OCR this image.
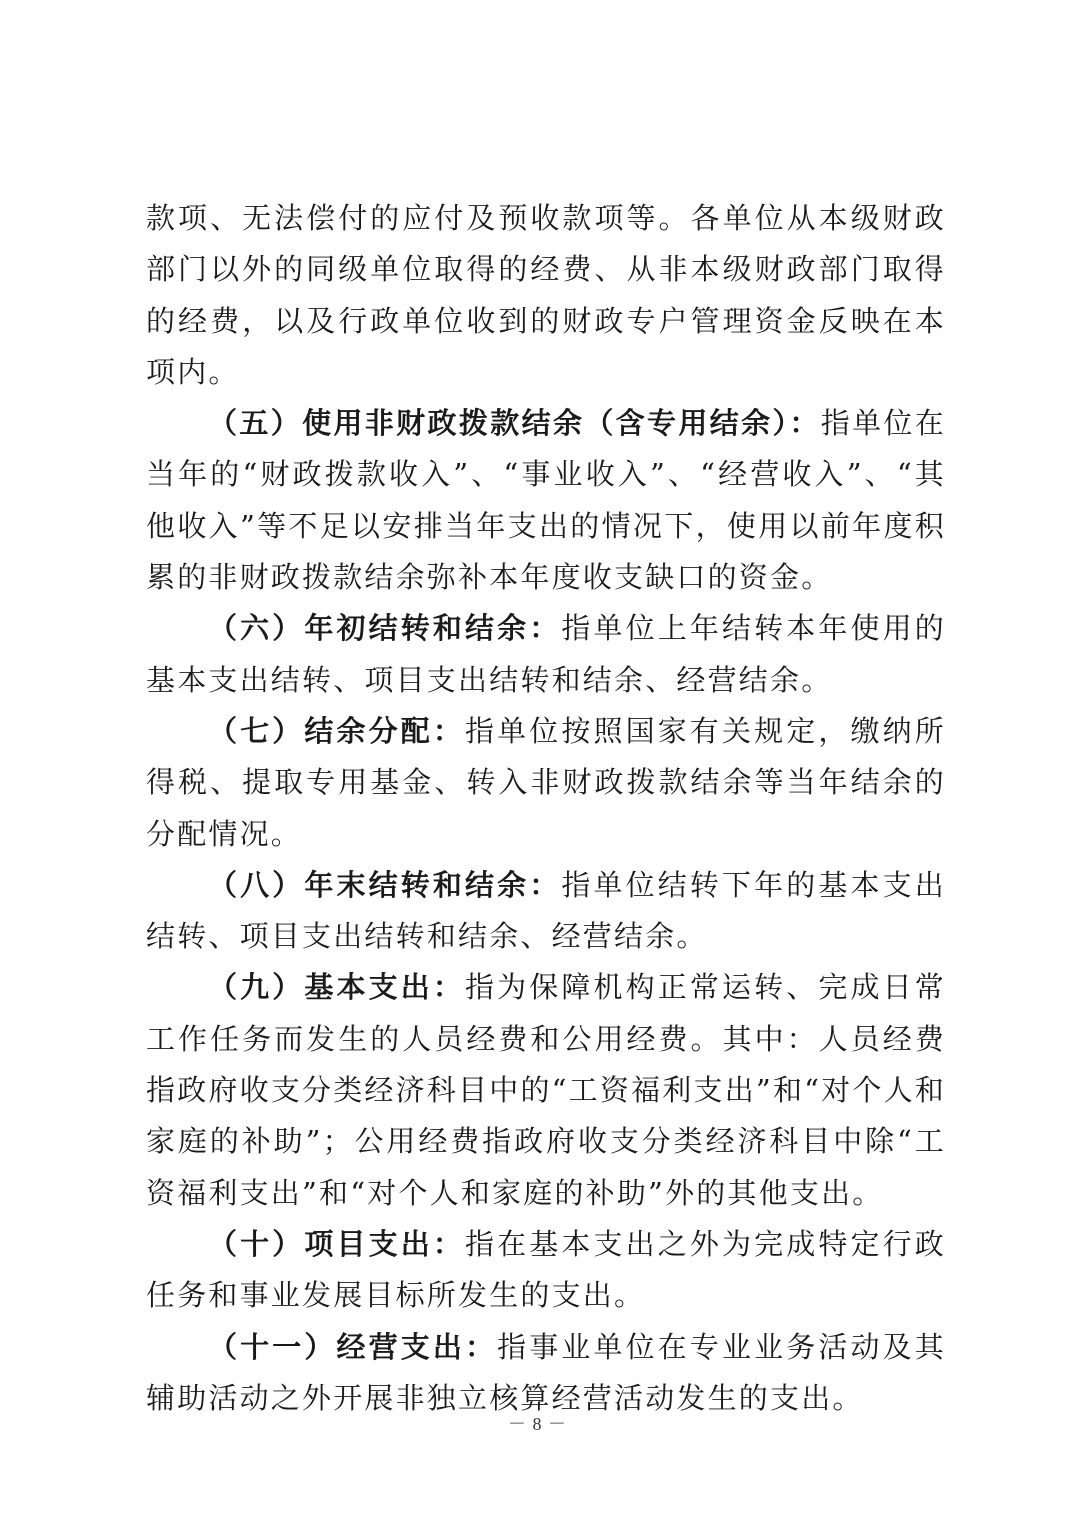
款项、无法偿付的应付及预收款项等。各单位从本级财政部门以外的同级单位取得的经费、从非本级财政部门取得的经费，以及行政单位收到的财政专户管理资金反映在本项内。

（五）使用非财政拨款结余（含专用结余）：指单位在当年的“财政拨款收入”、“事业收入”、“经营收入”、“其他收入”等不足以安排当年支出的情况下，使用以前年度积累的非财政拨款结余弥补本年度收支缺口的资金。

（六）年初结转和结余：指单位上年结转本年使用的基本支出结转、项目支出结转和结余、经营结余。

（七）结余分配：指单位按照国家有关规定，缴纳所得税、提取专用基金、转入非财政拨款结余等当年结余的分配情况。

（八）年末结转和结余：指单位结转下年的基本支出结转、项目支出结转和结余、经营结余。

（九）基本支出：指为保障机构正常运转、完成日常工作任务而发生的人员经费和公用经费。其中：人员经费指政府收支分类经济科目中的“工资福利支出”和“对个人和家庭的补助”；公用经费指政府收支分类经济科目中除“工资福利支出”和“对个人和家庭的补助”外的其他支出。

（十）项目支出：指在基本支出之外为完成特定行政任务和事业发展目标所发生的支出。

（十一）经营支出：指事业单位在专业业务活动及其辅助活动之外开展非独立核算经营活动发生的支出。

－ 8 －
